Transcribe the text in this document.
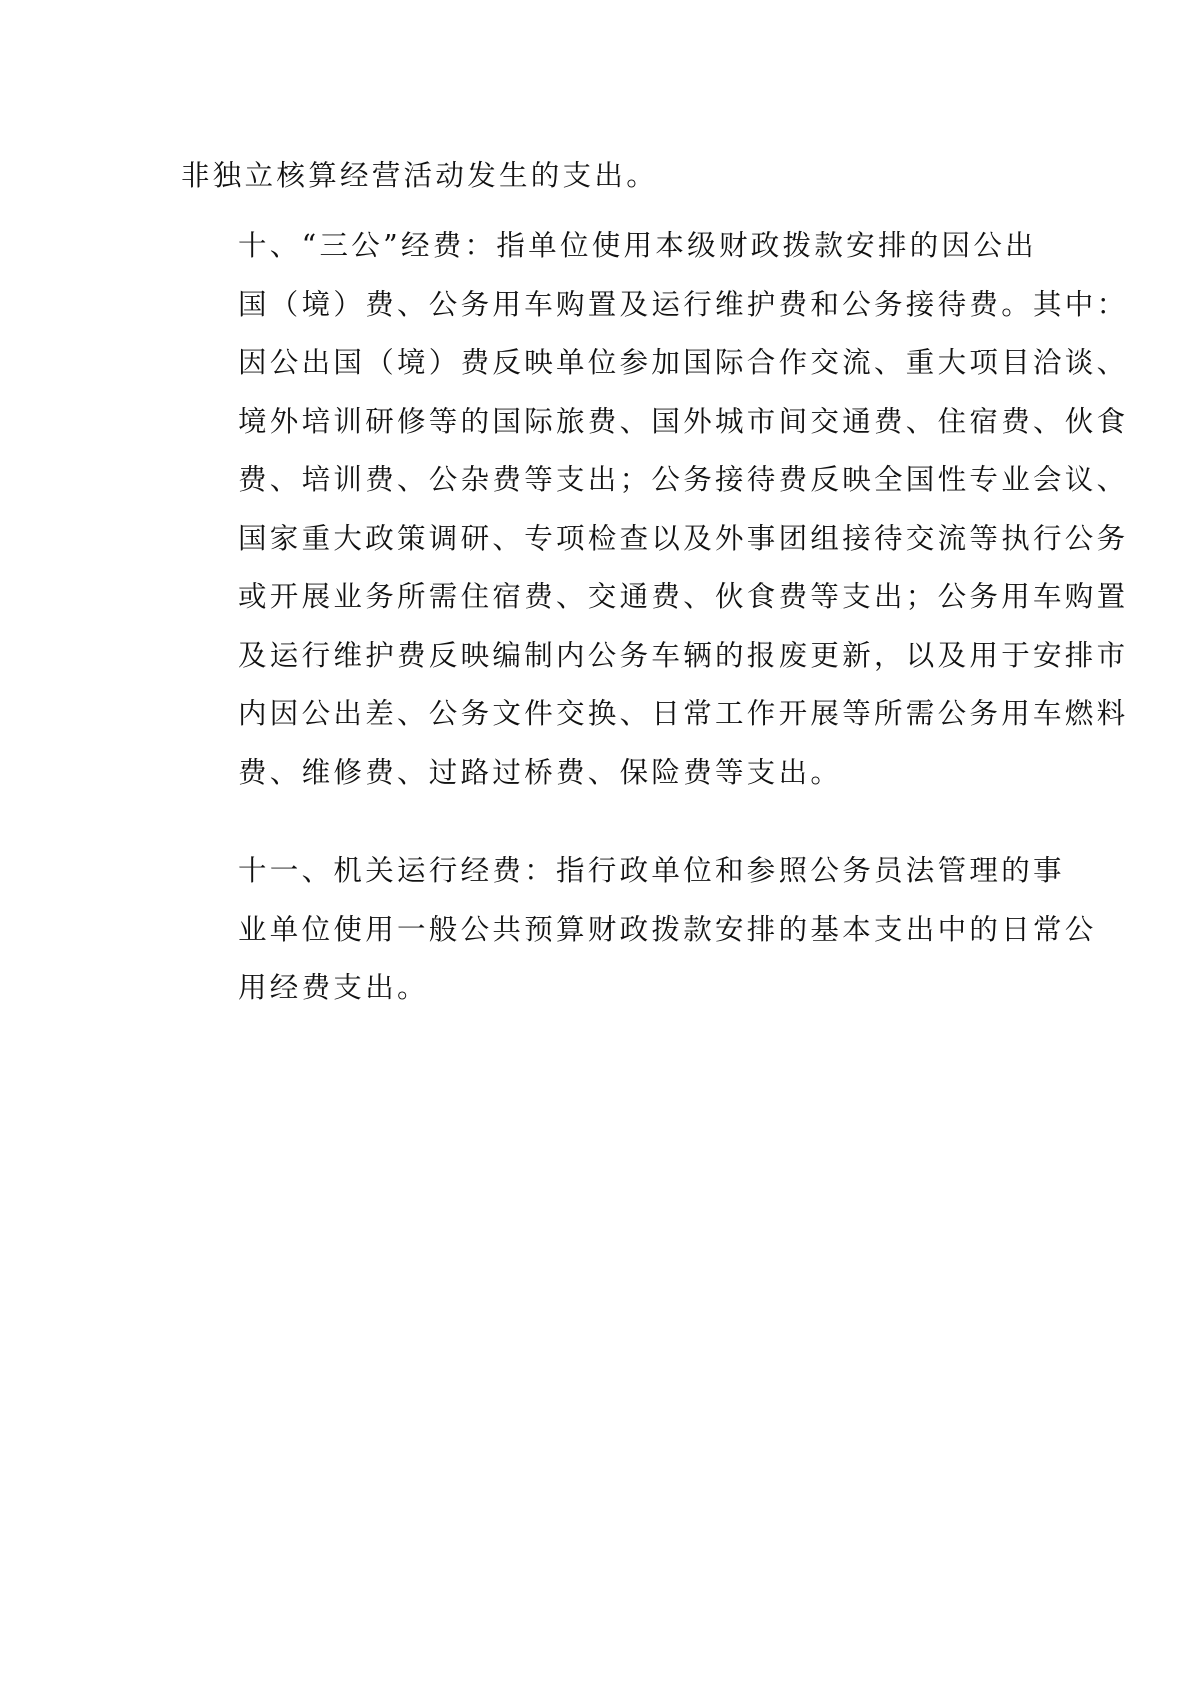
非独立核算经营活动发生的支出。

十、“三公”经费：指单位使用本级财政拨款安排的因公出
国（境）费、公务用车购置及运行维护费和公务接待费。其中：
因公出国（境）费反映单位参加国际合作交流、重大项目洽谈、
境外培训研修等的国际旅费、国外城市间交通费、住宿费、伙食
费、培训费、公杂费等支出；公务接待费反映全国性专业会议、
国家重大政策调研、专项检查以及外事团组接待交流等执行公务
或开展业务所需住宿费、交通费、伙食费等支出；公务用车购置
及运行维护费反映编制内公务车辆的报废更新，以及用于安排市
内因公出差、公务文件交换、日常工作开展等所需公务用车燃料
费、维修费、过路过桥费、保险费等支出。

十一、机关运行经费：指行政单位和参照公务员法管理的事
业单位使用一般公共预算财政拨款安排的基本支出中的日常公
用经费支出。
